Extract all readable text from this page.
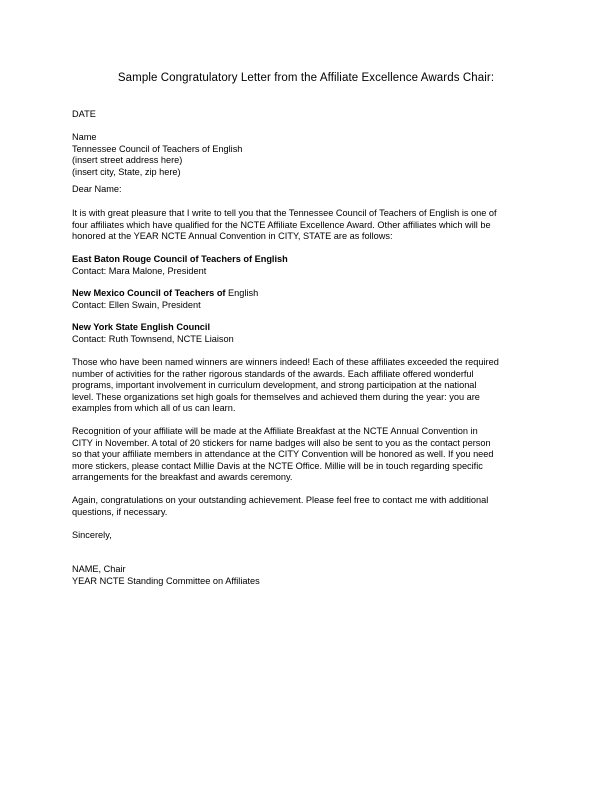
Sample Congratulatory Letter from the Affiliate Excellence Awards Chair:
DATE
Name
Tennessee Council of Teachers of English
(insert street address here)
(insert city, State, zip here)
Dear Name:
It is with great pleasure that I write to tell you that the Tennessee Council of Teachers of English is one of
four affiliates which have qualified for the NCTE Affiliate Excellence Award. Other affiliates which will be
honored at the YEAR NCTE Annual Convention in CITY, STATE are as follows:
East Baton Rouge Council of Teachers of English
Contact: Mara Malone, President
New Mexico Council of Teachers of English
Contact: Ellen Swain, President
New York State English Council
Contact: Ruth Townsend, NCTE Liaison
Those who have been named winners are winners indeed! Each of these affiliates exceeded the required
number of activities for the rather rigorous standards of the awards. Each affiliate offered wonderful
programs, important involvement in curriculum development, and strong participation at the national
level. These organizations set high goals for themselves and achieved them during the year: you are
examples from which all of us can learn.
Recognition of your affiliate will be made at the Affiliate Breakfast at the NCTE Annual Convention in
CITY in November. A total of 20 stickers for name badges will also be sent to you as the contact person
so that your affiliate members in attendance at the CITY Convention will be honored as well. If you need
more stickers, please contact Millie Davis at the NCTE Office. Millie will be in touch regarding specific
arrangements for the breakfast and awards ceremony.
Again, congratulations on your outstanding achievement. Please feel free to contact me with additional
questions, if necessary.
Sincerely,
NAME, Chair
YEAR NCTE Standing Committee on Affiliates
